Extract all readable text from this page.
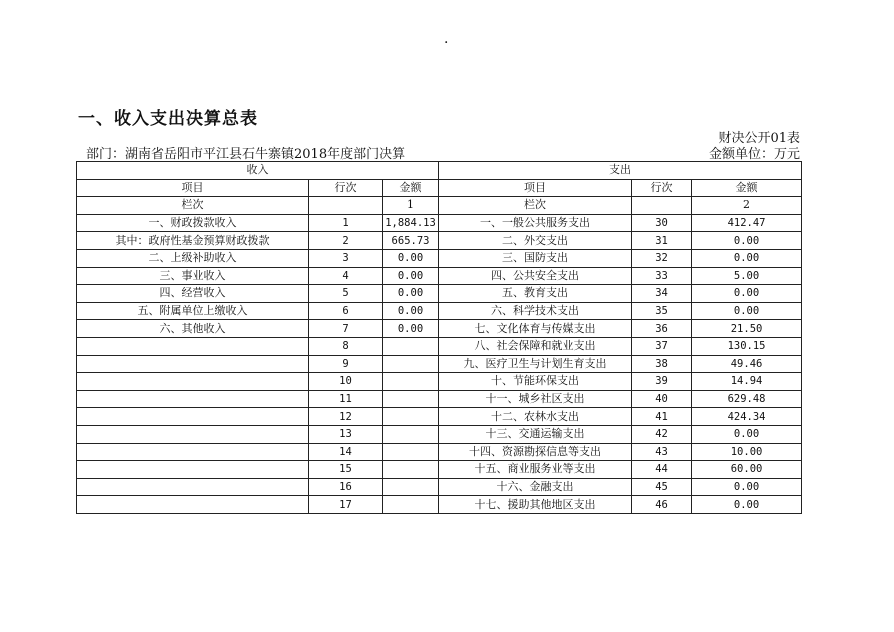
·
一、收入支出决算总表
财决公开01表
部门：湖南省岳阳市平江县石牛寨镇2018年度部门决算	金额单位：万元
收入			支出		
项目	行次	金额	项目	行次	金额
栏次		1	栏次		2
一、财政拨款收入	1	1,884.13	一、一般公共服务支出	30	412.47
其中：政府性基金预算财政拨款	2	665.73	二、外交支出	31	0.00
二、上级补助收入	3	0.00	三、国防支出	32	0.00
三、事业收入	4	0.00	四、公共安全支出	33	5.00
四、经营收入	5	0.00	五、教育支出	34	0.00
五、附属单位上缴收入	6	0.00	六、科学技术支出	35	0.00
六、其他收入	7	0.00	七、文化体育与传媒支出	36	21.50
	8		八、社会保障和就业支出	37	130.15
	9		九、医疗卫生与计划生育支出	38	49.46
	10		十、节能环保支出	39	14.94
	11		十一、城乡社区支出	40	629.48
	12		十二、农林水支出	41	424.34
	13		十三、交通运输支出	42	0.00
	14		十四、资源勘探信息等支出	43	10.00
	15		十五、商业服务业等支出	44	60.00
	16		十六、金融支出	45	0.00
	17		十七、援助其他地区支出	46	0.00
